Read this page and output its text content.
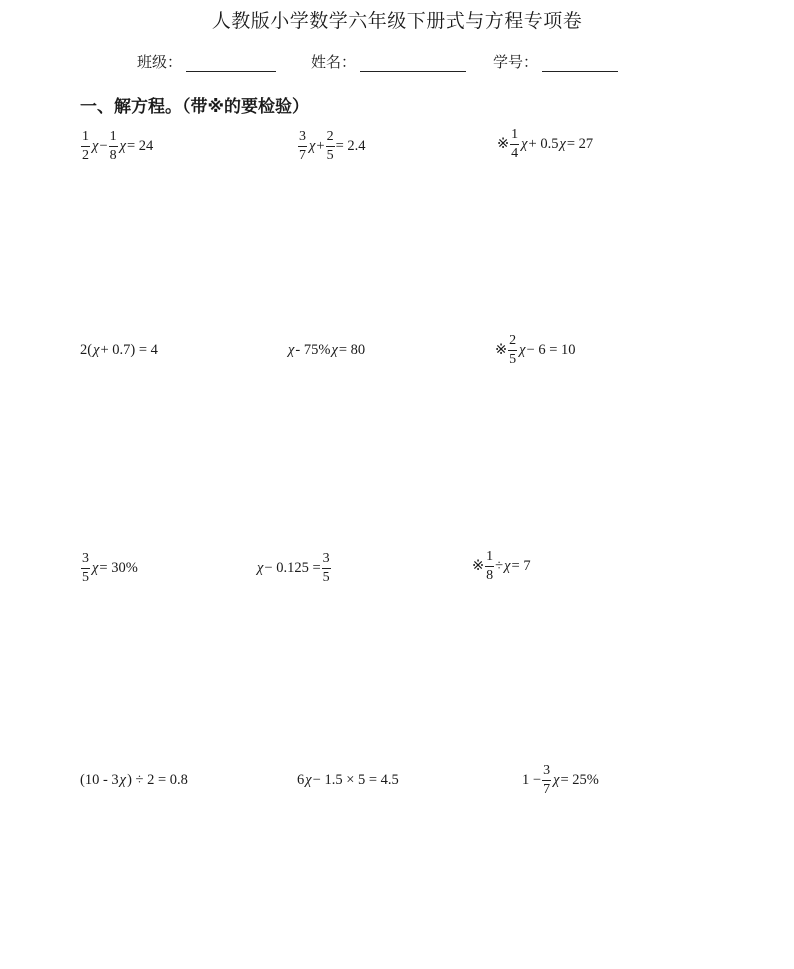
人教版小学数学六年级下册式与方程专项卷
班级：	姓名：	学号：
一、解方程。（带※的要检验）
$\frac{1}{2}$ $\chi - \frac{1}{8}$ χ = 24	$\frac{3}{7}$ $\chi + \frac{2}{5} = 2.4$	※ $\frac{1}{4}$ χ + 0.5 χ = 27
2( χ + 0.7) = 4	χ - 75% χ = 80	※ $\frac{2}{5}$ χ − 6 = 10
$\frac{3}{5}$ χ = 30%	$\chi - 0.125 = \frac{3}{5}$	※ $\frac{1}{8} \div \chi = 7$
(10 - 3 χ ) ÷ 2 = 0.8	6 χ − 1.5 × 5 = 4.5	$1 - \frac{3}{7}$ χ = 25%
